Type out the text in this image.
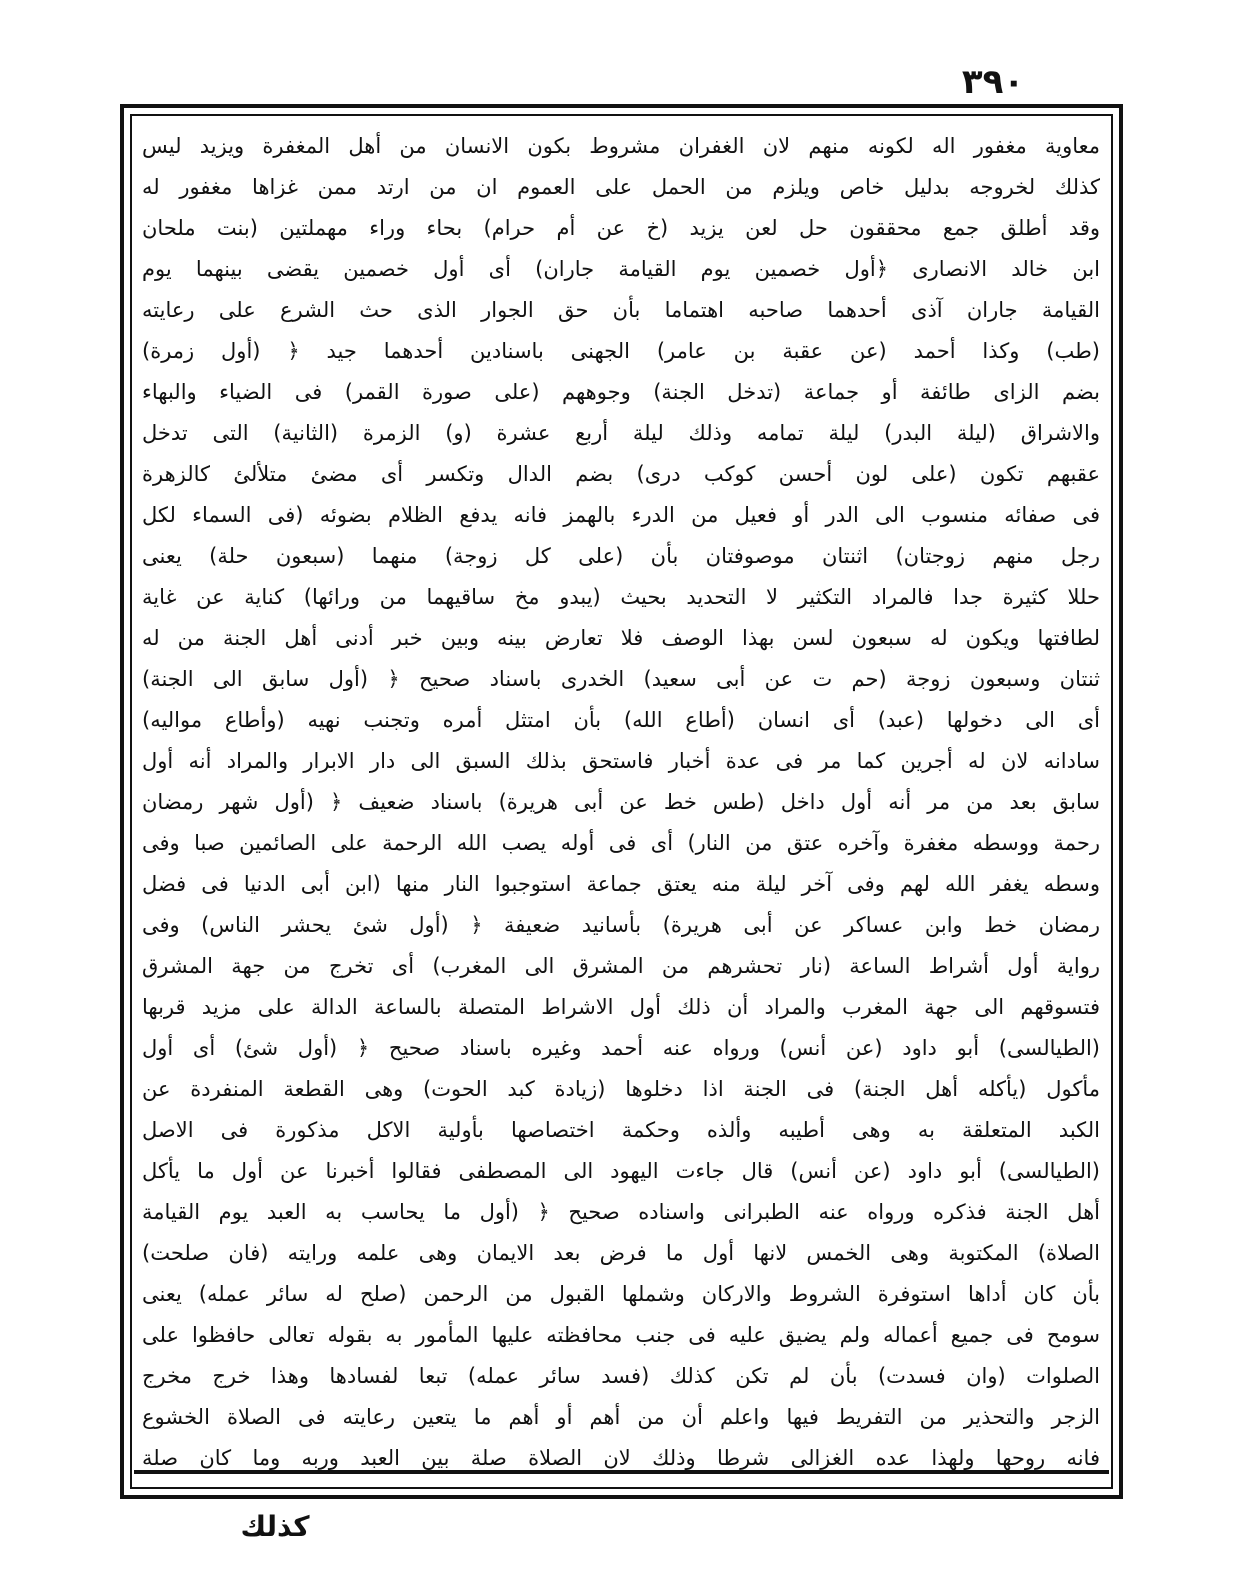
٣٩٠
معاوية مغفور اله لكونه منهم لان الغفران مشروط بكون الانسان من أهل المغفرة ويزيد ليس
كذلك لخروجه بدليل خاص ويلزم من الحمل على العموم ان من ارتد ممن غزاها مغفور له
وقد أطلق جمع محققون حل لعن يزيد (خ عن أم حرام) بحاء وراء مهملتين (بنت ملحان
ابن خالد الانصارى ﴿أول خصمين يوم القيامة جاران) أى أول خصمين يقضى بينهما يوم
القيامة جاران آذى أحدهما صاحبه اهتماما بأن حق الجوار الذى حث الشرع على رعايته
(طب) وكذا أحمد (عن عقبة بن عامر) الجهنى باسنادين أحدهما جيد ﴿ (أول زمرة)
بضم الزاى طائفة أو جماعة (تدخل الجنة) وجوههم (على صورة القمر) فى الضياء والبهاء
والاشراق (ليلة البدر) ليلة تمامه وذلك ليلة أربع عشرة (و) الزمرة (الثانية) التى تدخل
عقبهم تكون (على لون أحسن كوكب درى) بضم الدال وتكسر أى مضئ متلألئ كالزهرة
فى صفائه منسوب الى الدر أو فعيل من الدرء بالهمز فانه يدفع الظلام بضوئه (فى السماء لكل
رجل منهم زوجتان) اثنتان موصوفتان بأن (على كل زوجة) منهما (سبعون حلة) يعنى
حللا كثيرة جدا فالمراد التكثير لا التحديد بحيث (يبدو مخ ساقيهما من ورائها) كناية عن غاية
لطافتها ويكون له سبعون لسن بهذا الوصف فلا تعارض بينه وبين خبر أدنى أهل الجنة من له
ثنتان وسبعون زوجة (حم ت عن أبى سعيد) الخدرى باسناد صحيح ﴿ (أول سابق الى الجنة)
أى الى دخولها (عبد) أى انسان (أطاع الله) بأن امتثل أمره وتجنب نهيه (وأطاع مواليه)
سادانه لان له أجرين كما مر فى عدة أخبار فاستحق بذلك السبق الى دار الابرار والمراد أنه أول
سابق بعد من مر أنه أول داخل (طس خط عن أبى هريرة) باسناد ضعيف ﴿ (أول شهر رمضان
رحمة ووسطه مغفرة وآخره عتق من النار) أى فى أوله يصب الله الرحمة على الصائمين صبا وفى
وسطه يغفر الله لهم وفى آخر ليلة منه يعتق جماعة استوجبوا النار منها (ابن أبى الدنيا فى فضل
رمضان خط وابن عساكر عن أبى هريرة) بأسانيد ضعيفة ﴿ (أول شئ يحشر الناس) وفى
رواية أول أشراط الساعة (نار تحشرهم من المشرق الى المغرب) أى تخرج من جهة المشرق
فتسوقهم الى جهة المغرب والمراد أن ذلك أول الاشراط المتصلة بالساعة الدالة على مزيد قربها
(الطيالسى) أبو داود (عن أنس) ورواه عنه أحمد وغيره باسناد صحيح ﴿ (أول شئ) أى أول
مأكول (يأكله أهل الجنة) فى الجنة اذا دخلوها (زيادة كبد الحوت) وهى القطعة المنفردة عن
الكبد المتعلقة به وهى أطيبه وألذه وحكمة اختصاصها بأولية الاكل مذكورة فى الاصل
(الطيالسى) أبو داود (عن أنس) قال جاءت اليهود الى المصطفى فقالوا أخبرنا عن أول ما يأكل
أهل الجنة فذكره ورواه عنه الطبرانى واسناده صحيح ﴿ (أول ما يحاسب به العبد يوم القيامة
الصلاة) المكتوبة وهى الخمس لانها أول ما فرض بعد الايمان وهى علمه ورايته (فان صلحت)
بأن كان أداها استوفرة الشروط والاركان وشملها القبول من الرحمن (صلح له سائر عمله) يعنى
سومح فى جميع أعماله ولم يضيق عليه فى جنب محافظته عليها المأمور به بقوله تعالى حافظوا على
الصلوات (وان فسدت) بأن لم تكن كذلك (فسد سائر عمله) تبعا لفسادها وهذا خرج مخرج
الزجر والتحذير من التفريط فيها واعلم أن من أهم أو أهم ما يتعين رعايته فى الصلاة الخشوع
فانه روحها ولهذا عده الغزالى شرطا وذلك لان الصلاة صلة بين العبد وربه وما كان صلة
كذلك
